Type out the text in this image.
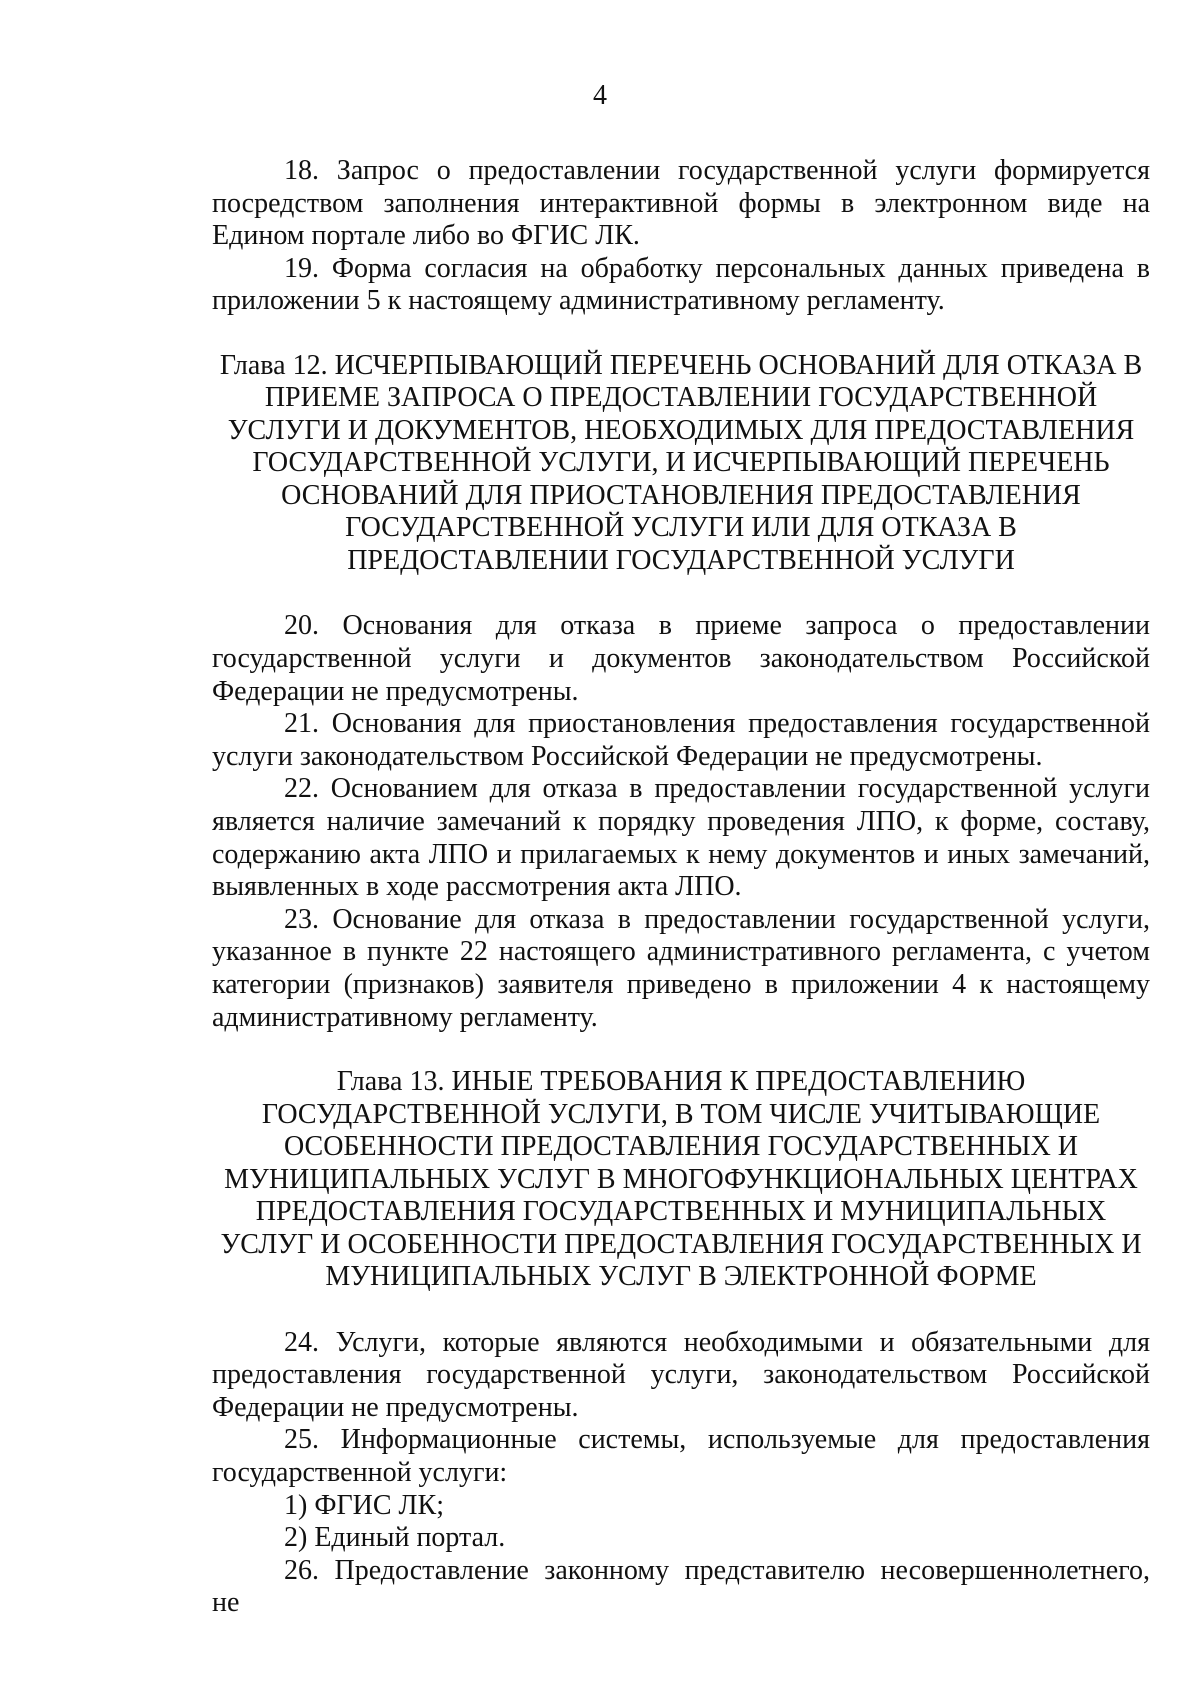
4

18. Запрос о предоставлении государственной услуги формируется посредством заполнения интерактивной формы в электронном виде на Едином портале либо во ФГИС ЛК.

19. Форма согласия на обработку персональных данных приведена в приложении 5 к настоящему административному регламенту.

Глава 12. ИСЧЕРПЫВАЮЩИЙ ПЕРЕЧЕНЬ ОСНОВАНИЙ ДЛЯ ОТКАЗА В
ПРИЕМЕ ЗАПРОСА О ПРЕДОСТАВЛЕНИИ ГОСУДАРСТВЕННОЙ
УСЛУГИ И ДОКУМЕНТОВ, НЕОБХОДИМЫХ ДЛЯ ПРЕДОСТАВЛЕНИЯ
ГОСУДАРСТВЕННОЙ УСЛУГИ, И ИСЧЕРПЫВАЮЩИЙ ПЕРЕЧЕНЬ
ОСНОВАНИЙ ДЛЯ ПРИОСТАНОВЛЕНИЯ ПРЕДОСТАВЛЕНИЯ
ГОСУДАРСТВЕННОЙ УСЛУГИ ИЛИ ДЛЯ ОТКАЗА В
ПРЕДОСТАВЛЕНИИ ГОСУДАРСТВЕННОЙ УСЛУГИ

20. Основания для отказа в приеме запроса о предоставлении государственной услуги и документов законодательством Российской Федерации не предусмотрены.

21. Основания для приостановления предоставления государственной услуги законодательством Российской Федерации не предусмотрены.

22. Основанием для отказа в предоставлении государственной услуги является наличие замечаний к порядку проведения ЛПО, к форме, составу, содержанию акта ЛПО и прилагаемых к нему документов и иных замечаний, выявленных в ходе рассмотрения акта ЛПО.

23. Основание для отказа в предоставлении государственной услуги, указанное в пункте 22 настоящего административного регламента, с учетом категории (признаков) заявителя приведено в приложении 4 к настоящему административному регламенту.

Глава 13. ИНЫЕ ТРЕБОВАНИЯ К ПРЕДОСТАВЛЕНИЮ
ГОСУДАРСТВЕННОЙ УСЛУГИ, В ТОМ ЧИСЛЕ УЧИТЫВАЮЩИЕ
ОСОБЕННОСТИ ПРЕДОСТАВЛЕНИЯ ГОСУДАРСТВЕННЫХ И
МУНИЦИПАЛЬНЫХ УСЛУГ В МНОГОФУНКЦИОНАЛЬНЫХ ЦЕНТРАХ
ПРЕДОСТАВЛЕНИЯ ГОСУДАРСТВЕННЫХ И МУНИЦИПАЛЬНЫХ
УСЛУГ И ОСОБЕННОСТИ ПРЕДОСТАВЛЕНИЯ ГОСУДАРСТВЕННЫХ И
МУНИЦИПАЛЬНЫХ УСЛУГ В ЭЛЕКТРОННОЙ ФОРМЕ

24. Услуги, которые являются необходимыми и обязательными для предоставления государственной услуги, законодательством Российской Федерации не предусмотрены.

25. Информационные системы, используемые для предоставления государственной услуги:

1) ФГИС ЛК;

2) Единый портал.

26. Предоставление законному представителю несовершеннолетнего, не
